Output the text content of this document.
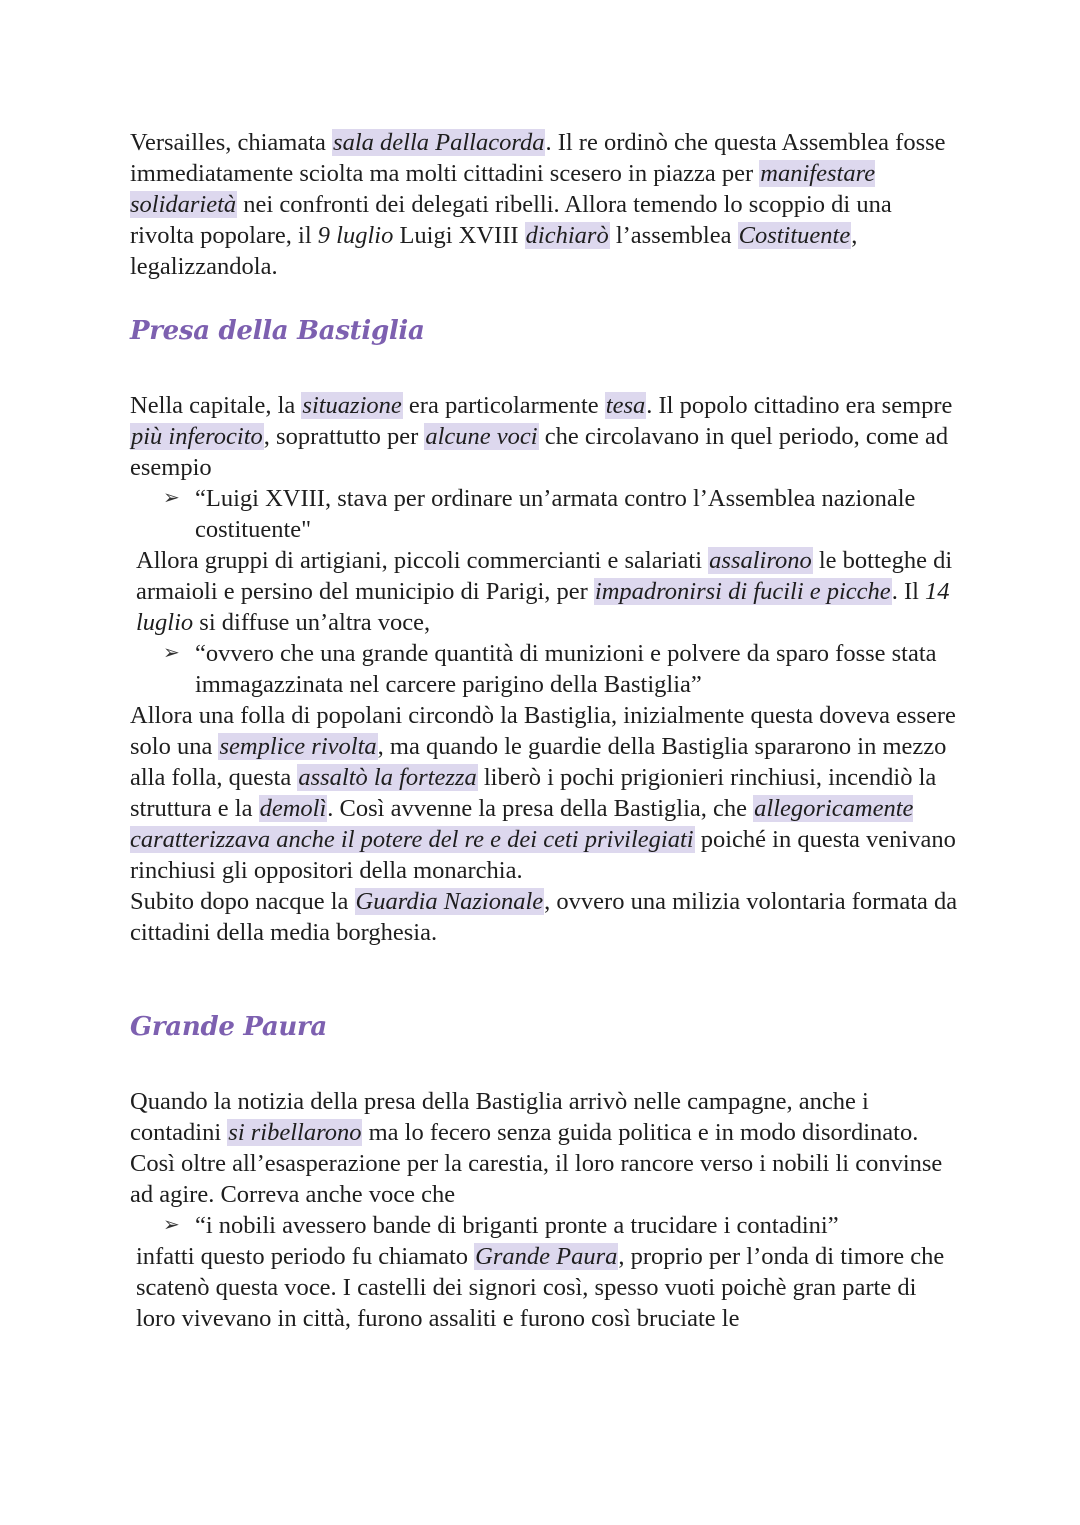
Versailles, chiamata sala della Pallacorda. Il re ordinò che questa Assemblea fosse immediatamente sciolta ma molti cittadini scesero in piazza per manifestare solidarietà nei confronti dei delegati ribelli. Allora temendo lo scoppio di una rivolta popolare, il 9 luglio Luigi XVIII dichiarò l’assemblea Costituente, legalizzandola.

Presa della Bastiglia

Nella capitale, la situazione era particolarmente tesa. Il popolo cittadino era sempre più inferocito, soprattutto per alcune voci che circolavano in quel periodo, come ad esempio

➢ “Luigi XVIII, stava per ordinare un’armata contro l’Assemblea nazionale costituente"

Allora gruppi di artigiani, piccoli commercianti e salariati assalirono le botteghe di armaioli e persino del municipio di Parigi, per impadronirsi di fucili e picche. Il 14 luglio si diffuse un’altra voce,

➢ “ovvero che una grande quantità di munizioni e polvere da sparo fosse stata immagazzinata nel carcere parigino della Bastiglia”

Allora una folla di popolani circondò la Bastiglia, inizialmente questa doveva essere solo una semplice rivolta, ma quando le guardie della Bastiglia spararono in mezzo alla folla, questa assaltò la fortezza liberò i pochi prigionieri rinchiusi, incendiò la struttura e la demolì. Così avvenne la presa della Bastiglia, che allegoricamente caratterizzava anche il potere del re e dei ceti privilegiati poiché in questa venivano rinchiusi gli oppositori della monarchia.

Subito dopo nacque la Guardia Nazionale, ovvero una milizia volontaria formata da cittadini della media borghesia.

Grande Paura

Quando la notizia della presa della Bastiglia arrivò nelle campagne, anche i contadini si ribellarono ma lo fecero senza guida politica e in modo disordinato. Così oltre all’esasperazione per la carestia, il loro rancore verso i nobili li convinse ad agire. Correva anche voce che

➢ “i nobili avessero bande di briganti pronte a trucidare i contadini”

infatti questo periodo fu chiamato Grande Paura, proprio per l’onda di timore che scatenò questa voce. I castelli dei signori così, spesso vuoti poichè gran parte di loro vivevano in città, furono assaliti e furono così bruciate le
